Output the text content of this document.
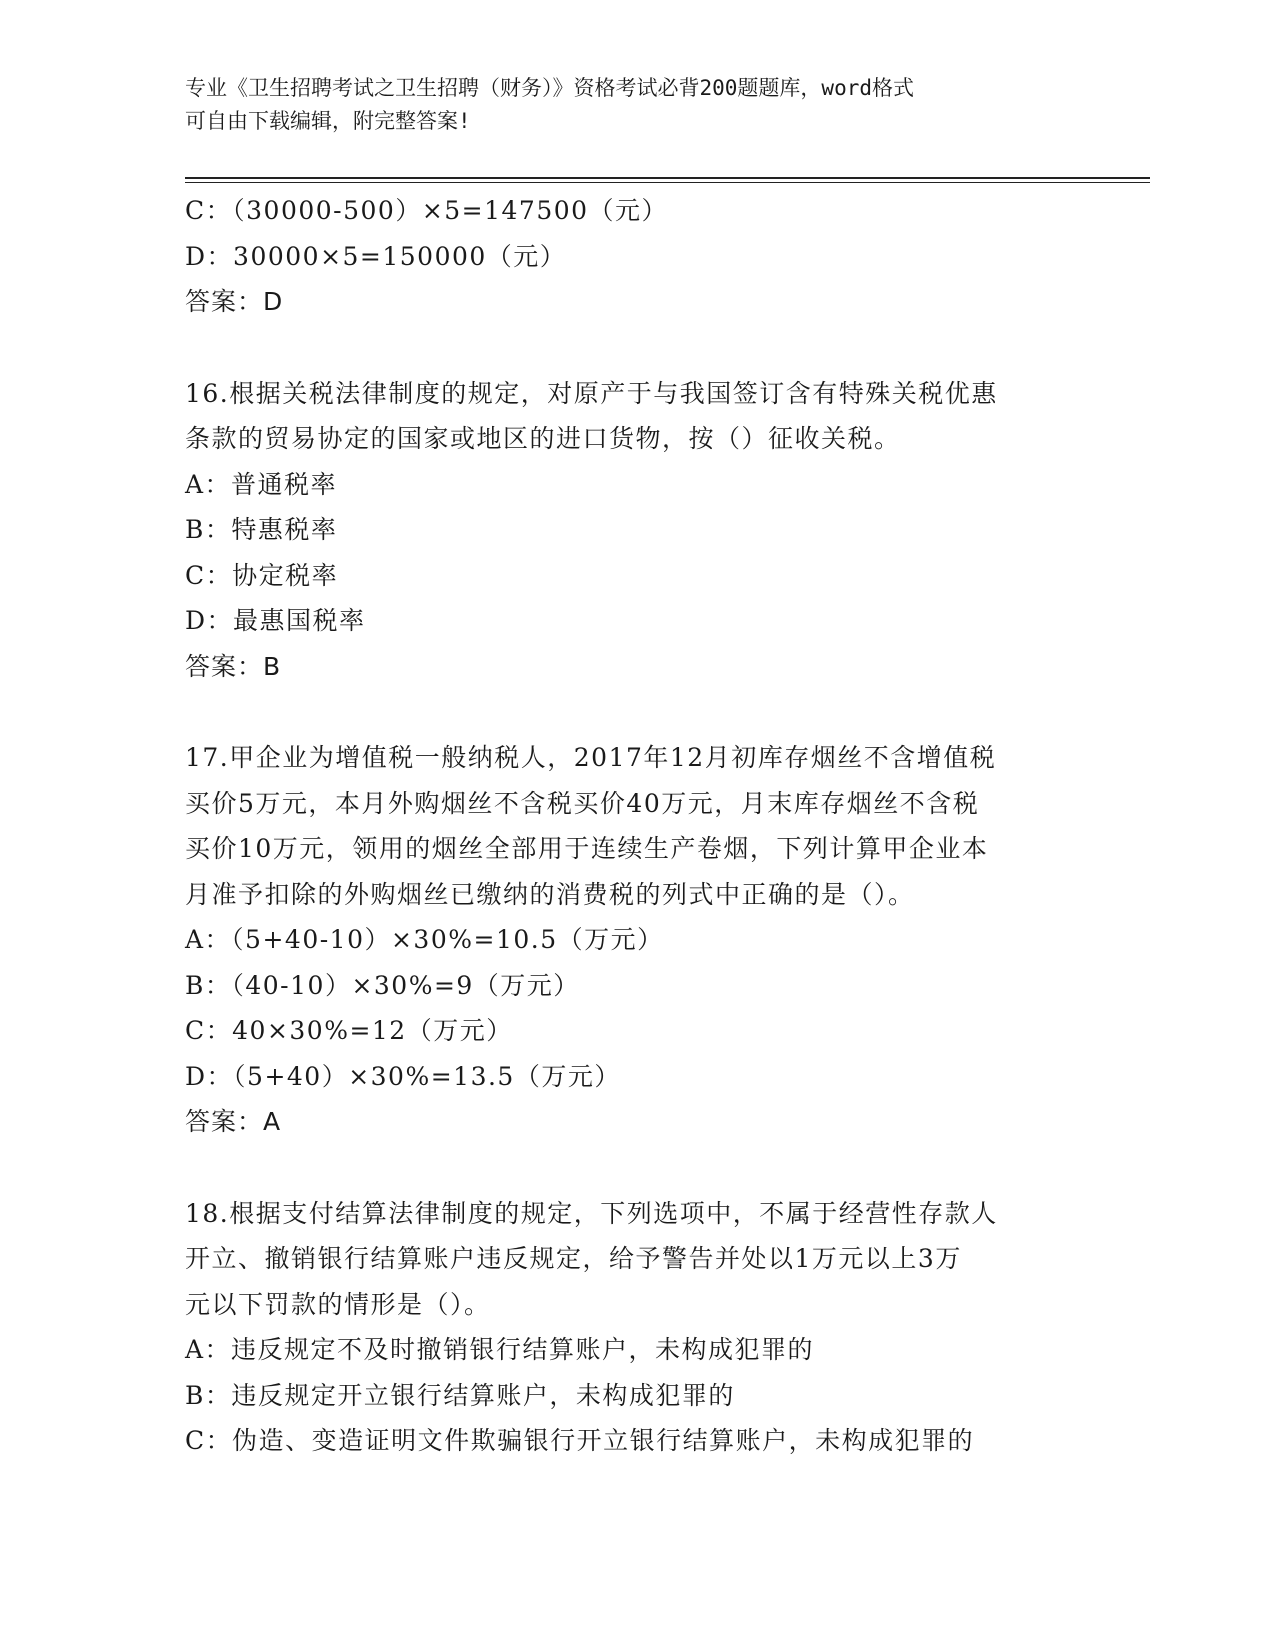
专业《卫生招聘考试之卫生招聘（财务）》资格考试必背200题题库，word格式
可自由下载编辑，附完整答案!
C：（30000-500）×5=147500（元）
D：30000×5=150000（元）
答案：D
16.根据关税法律制度的规定，对原产于与我国签订含有特殊关税优惠
条款的贸易协定的国家或地区的进口货物，按（）征收关税。
A：普通税率
B：特惠税率
C：协定税率
D：最惠国税率
答案：B
17.甲企业为增值税一般纳税人，2017年12月初库存烟丝不含增值税
买价5万元，本月外购烟丝不含税买价40万元，月末库存烟丝不含税
买价10万元，领用的烟丝全部用于连续生产卷烟，下列计算甲企业本
月准予扣除的外购烟丝已缴纳的消费税的列式中正确的是（）。
A：（5+40-10）×30%=10.5（万元）
B：（40-10）×30%=9（万元）
C：40×30%=12（万元）
D：（5+40）×30%=13.5（万元）
答案：A
18.根据支付结算法律制度的规定，下列选项中，不属于经营性存款人
开立、撤销银行结算账户违反规定，给予警告并处以1万元以上3万
元以下罚款的情形是（）。
A：违反规定不及时撤销银行结算账户，未构成犯罪的
B：违反规定开立银行结算账户，未构成犯罪的
C：伪造、变造证明文件欺骗银行开立银行结算账户，未构成犯罪的
